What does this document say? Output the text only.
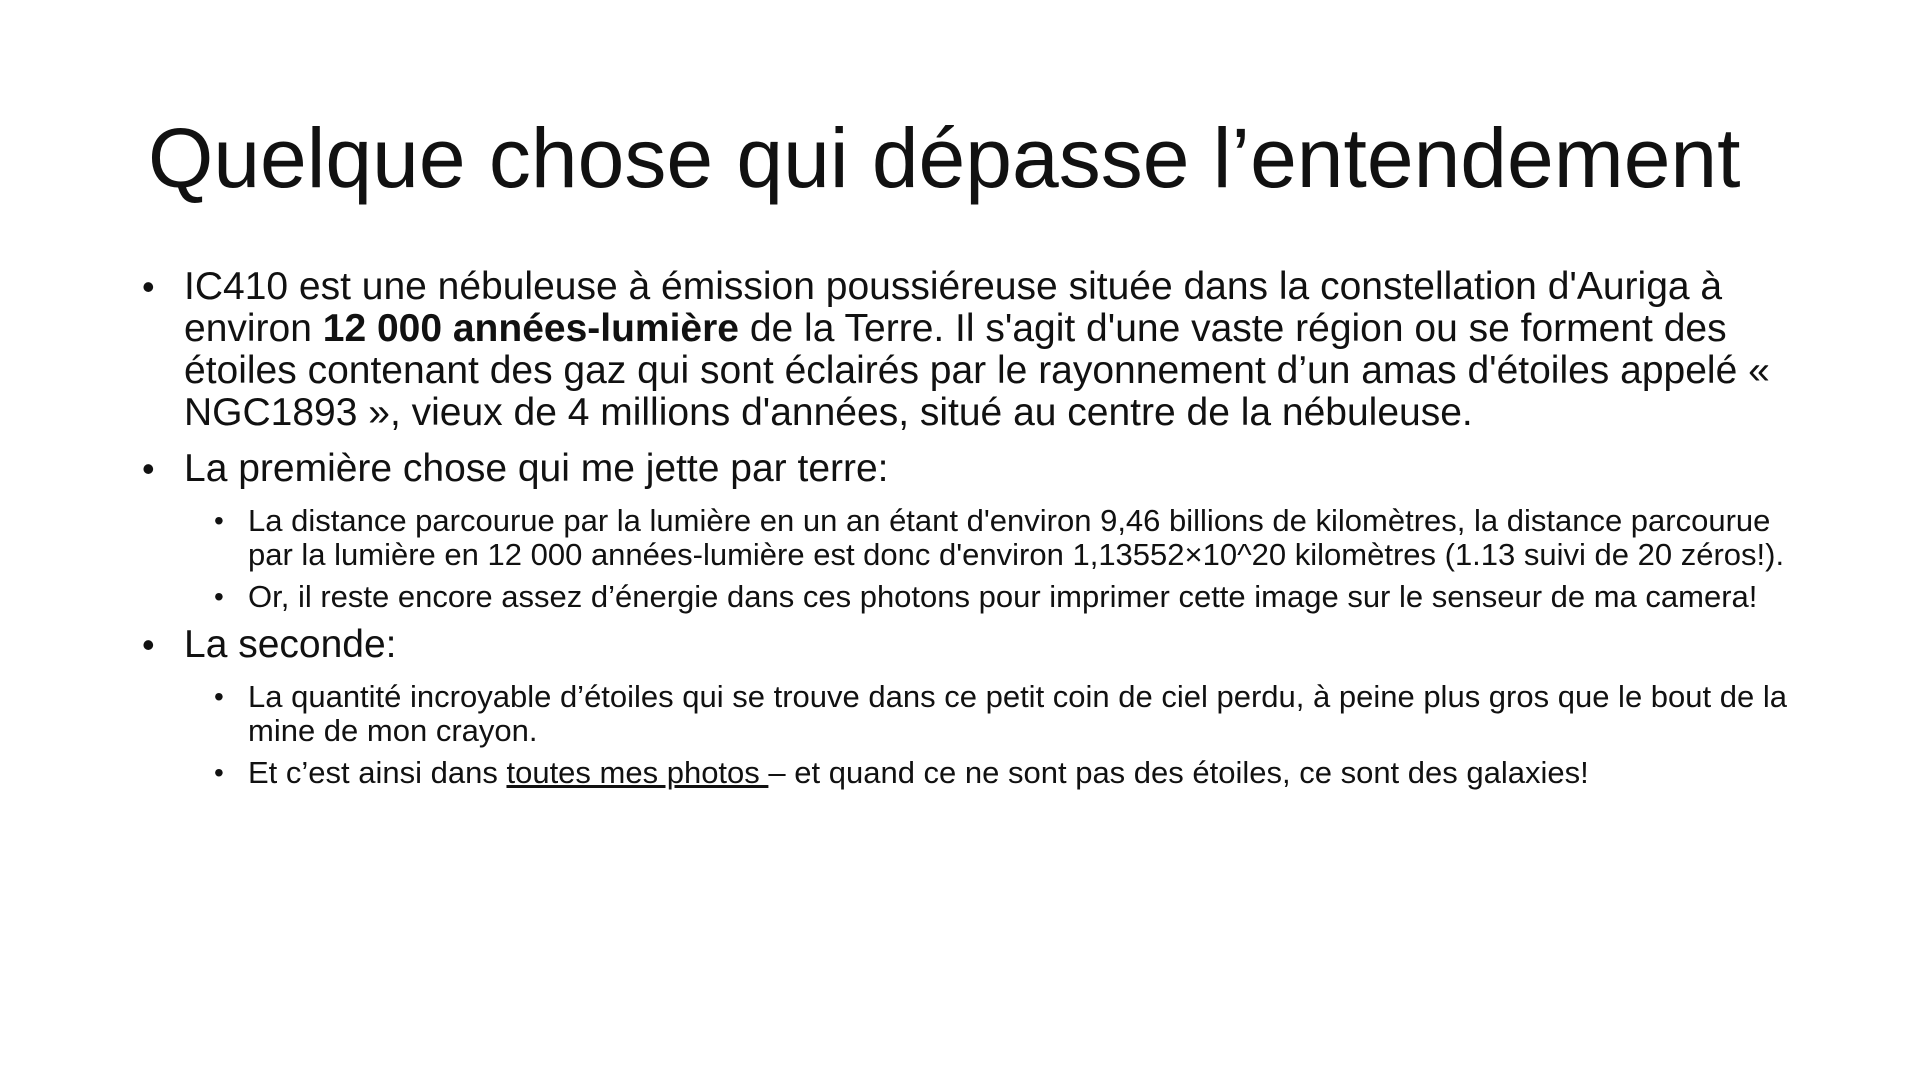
Quelque chose qui dépasse l’entendement
• IC410 est une nébuleuse à émission poussiéreuse située dans la constellation d'Auriga à environ 12 000 années-lumière de la Terre. Il s'agit d'une vaste région ou se forment des étoiles contenant des gaz qui sont éclairés par le rayonnement d’un amas d'étoiles appelé « NGC1893 », vieux de 4 millions d'années, situé au centre de la nébuleuse.
• La première chose qui me jette par terre:
• La distance parcourue par la lumière en un an étant d'environ 9,46 billions de kilomètres, la distance parcourue par la lumière en 12 000 années-lumière est donc d'environ 1,13552×10^20 kilomètres (1.13 suivi de 20 zéros!).
• Or, il reste encore assez d’énergie dans ces photons pour imprimer cette image sur le senseur de ma camera!
• La seconde:
• La quantité incroyable d’étoiles qui se trouve dans ce petit coin de ciel perdu, à peine plus gros que le bout de la mine de mon crayon.
• Et c’est ainsi dans toutes mes photos – et quand ce ne sont pas des étoiles, ce sont des galaxies!
